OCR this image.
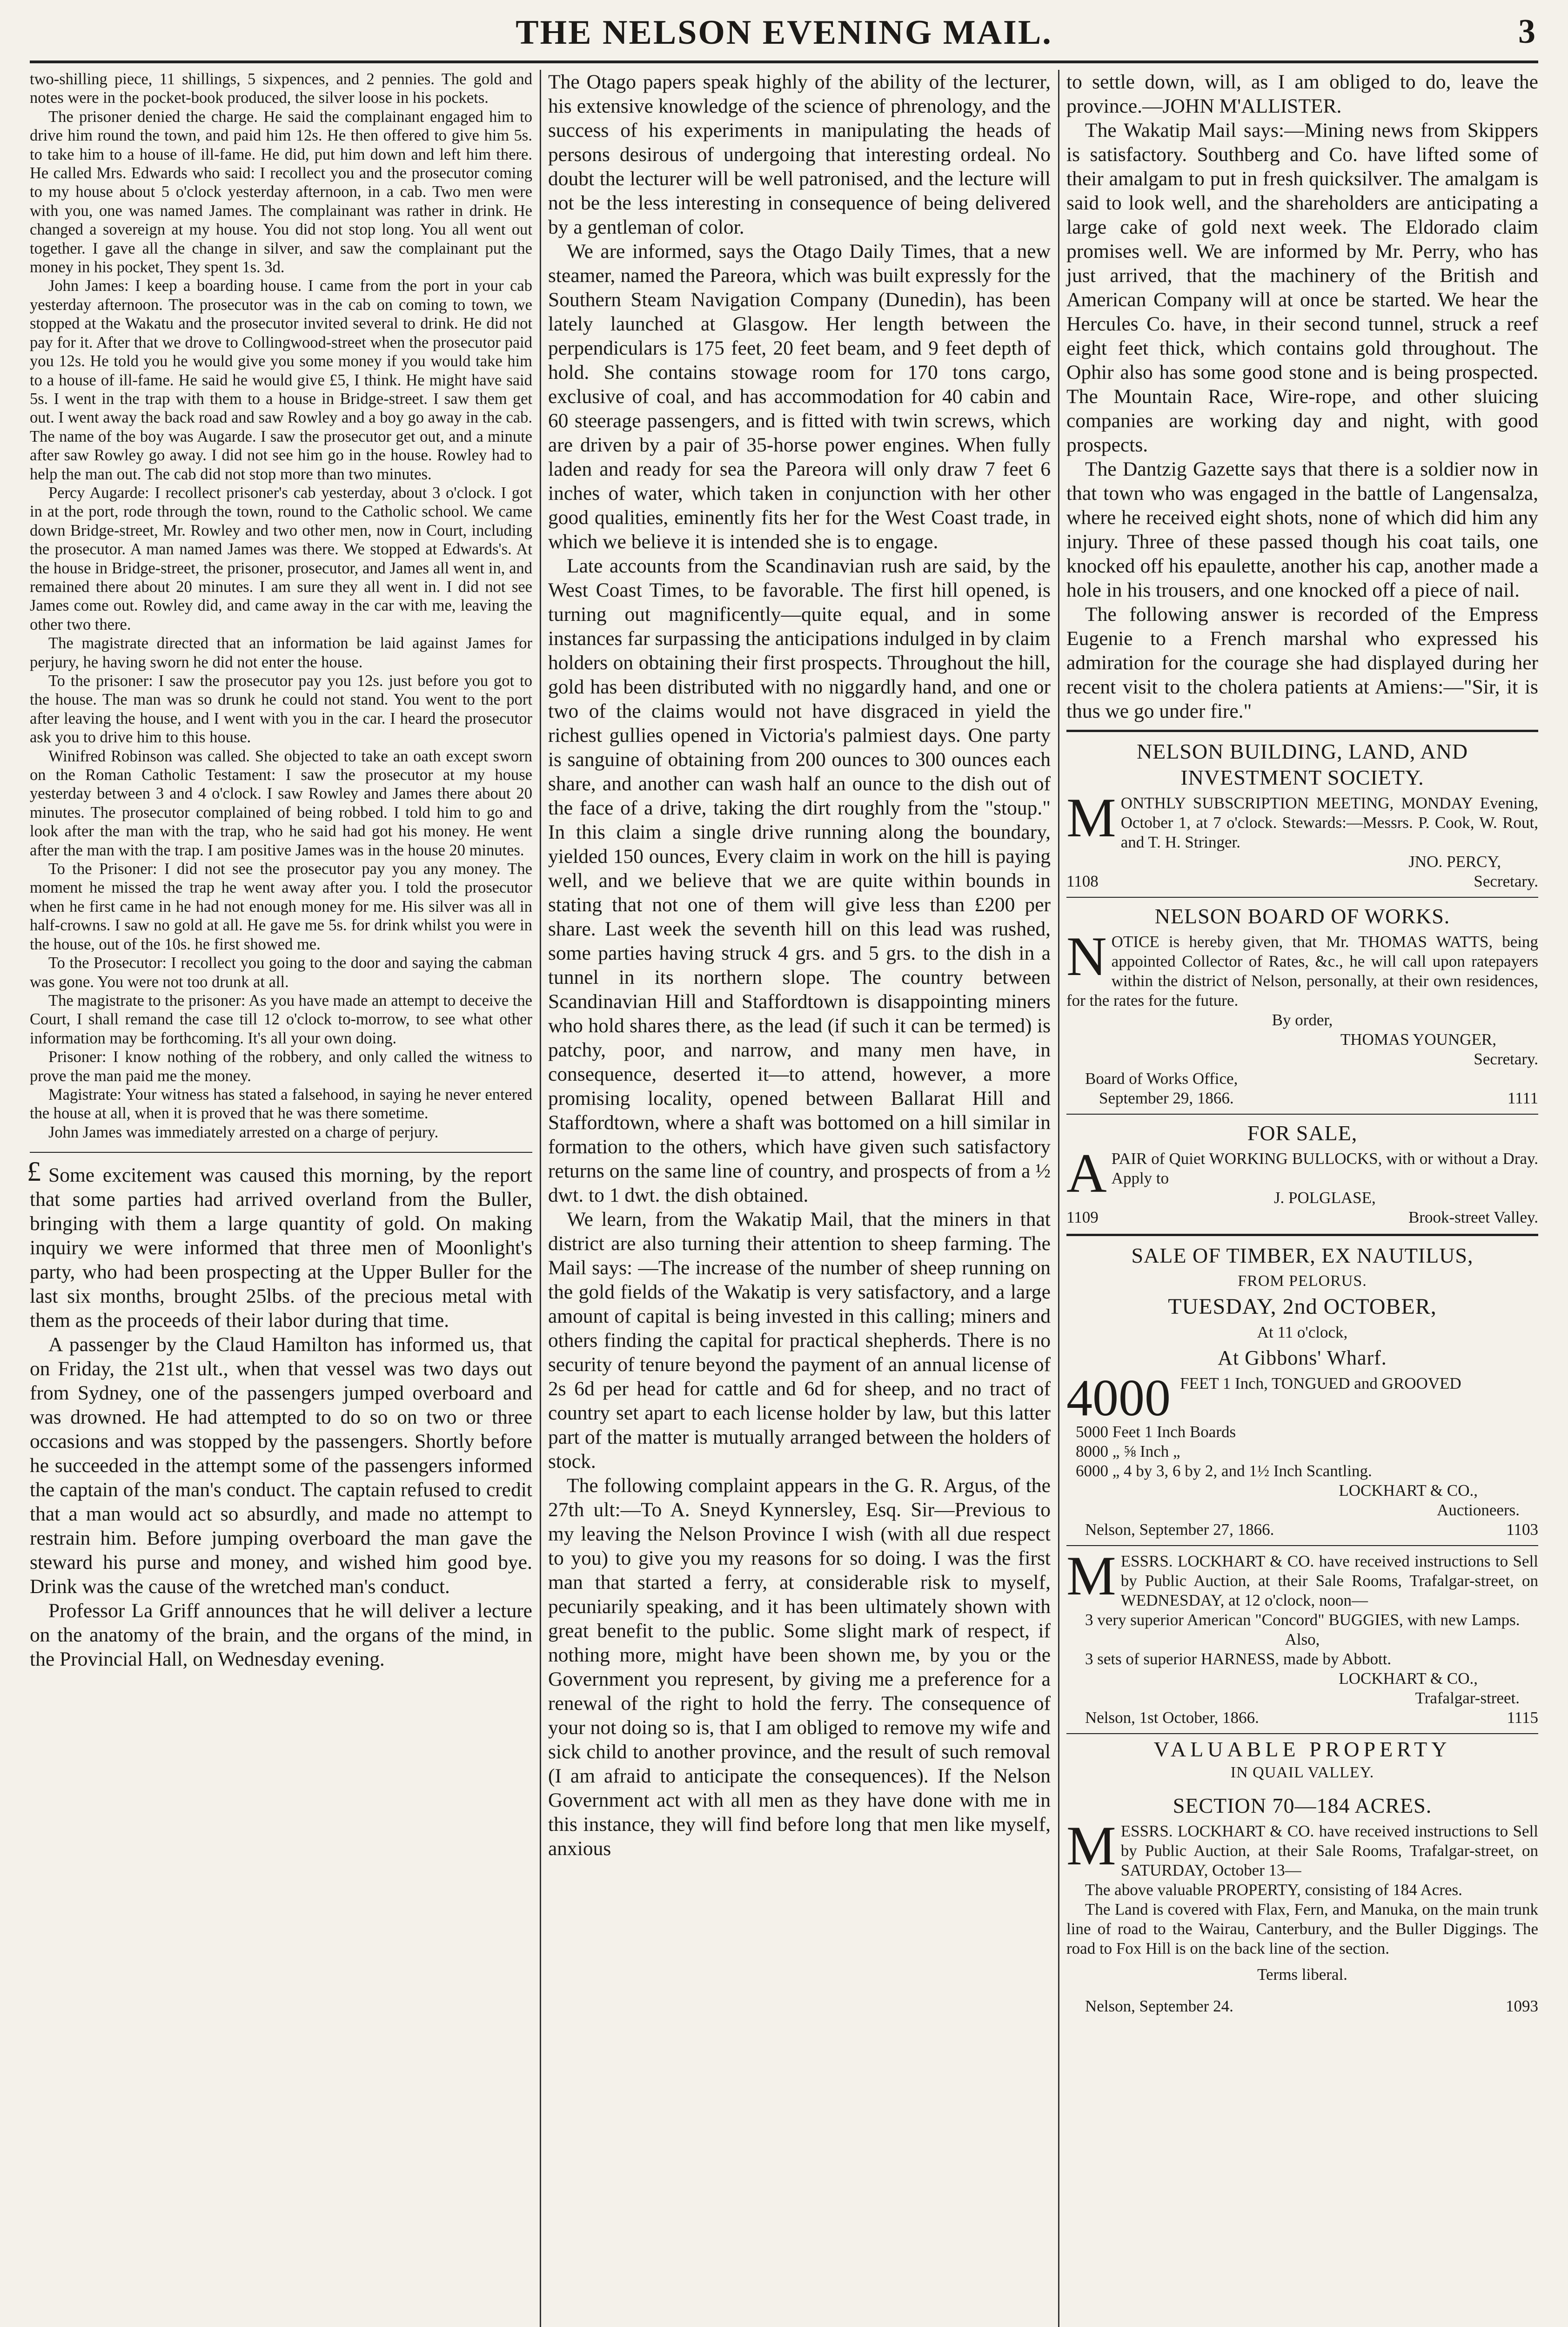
THE NELSON EVENING MAIL.	3

two-shilling piece, 11 shillings, 5 sixpences, and 2 pennies. The gold and notes were in the pocket-book produced, the silver loose in his pockets.

The prisoner denied the charge. He said the complainant engaged him to drive him round the town, and paid him 12s. He then offered to give him 5s. to take him to a house of ill-fame. He did, put him down and left him there. He called Mrs. Edwards who said: I recollect you and the prosecutor coming to my house about 5 o'clock yesterday afternoon, in a cab. Two men were with you, one was named James. The complainant was rather in drink. He changed a sovereign at my house. You did not stop long. You all went out together. I gave all the change in silver, and saw the complainant put the money in his pocket, They spent 1s. 3d.

John James: I keep a boarding house. I came from the port in your cab yesterday afternoon. The prosecutor was in the cab on coming to town, we stopped at the Wakatu and the prosecutor invited several to drink. He did not pay for it. After that we drove to Collingwood-street when the prosecutor paid you 12s. He told you he would give you some money if you would take him to a house of ill-fame. He said he would give £5, I think. He might have said 5s. I went in the trap with them to a house in Bridge-street. I saw them get out. I went away the back road and saw Rowley and a boy go away in the cab. The name of the boy was Augarde. I saw the prosecutor get out, and a minute after saw Rowley go away. I did not see him go in the house. Rowley had to help the man out. The cab did not stop more than two minutes.

Percy Augarde: I recollect prisoner's cab yesterday, about 3 o'clock. I got in at the port, rode through the town, round to the Catholic school. We came down Bridge-street, Mr. Rowley and two other men, now in Court, including the prosecutor. A man named James was there. We stopped at Edwards's. At the house in Bridge-street, the prisoner, prosecutor, and James all went in, and remained there about 20 minutes. I am sure they all went in. I did not see James come out. Rowley did, and came away in the car with me, leaving the other two there.

The magistrate directed that an information be laid against James for perjury, he having sworn he did not enter the house.

To the prisoner: I saw the prosecutor pay you 12s. just before you got to the house. The man was so drunk he could not stand. You went to the port after leaving the house, and I went with you in the car. I heard the prosecutor ask you to drive him to this house.

Winifred Robinson was called. She objected to take an oath except sworn on the Roman Catholic Testament: I saw the prosecutor at my house yesterday between 3 and 4 o'clock. I saw Rowley and James there about 20 minutes. The prosecutor complained of being robbed. I told him to go and look after the man with the trap, who he said had got his money. He went after the man with the trap. I am positive James was in the house 20 minutes.

To the Prisoner: I did not see the prosecutor pay you any money. The moment he missed the trap he went away after you. I told the prosecutor when he first came in he had not enough money for me. His silver was all in half-crowns. I saw no gold at all. He gave me 5s. for drink whilst you were in the house, out of the 10s. he first showed me.

To the Prosecutor: I recollect you going to the door and saying the cabman was gone. You were not too drunk at all.

The magistrate to the prisoner: As you have made an attempt to deceive the Court, I shall remand the case till 12 o'clock to-morrow, to see what other information may be forthcoming. It's all your own doing.

Prisoner: I know nothing of the robbery, and only called the witness to prove the man paid me the money.

Magistrate: Your witness has stated a falsehood, in saying he never entered the house at all, when it is proved that he was there sometime.

John James was immediately arrested on a charge of perjury.

£ Some excitement was caused this morning, by the report that some parties had arrived overland from the Buller, bringing with them a large quantity of gold. On making inquiry we were informed that three men of Moonlight's party, who had been prospecting at the Upper Buller for the last six months, brought 25lbs. of the precious metal with them as the proceeds of their labor during that time.

A passenger by the Claud Hamilton has informed us, that on Friday, the 21st ult., when that vessel was two days out from Sydney, one of the passengers jumped overboard and was drowned. He had attempted to do so on two or three occasions and was stopped by the passengers. Shortly before he succeeded in the attempt some of the passengers informed the captain of the man's conduct. The captain refused to credit that a man would act so absurdly, and made no attempt to restrain him. Before jumping overboard the man gave the steward his purse and money, and wished him good bye. Drink was the cause of the wretched man's conduct.

Professor La Griff announces that he will deliver a lecture on the anatomy of the brain, and the organs of the mind, in the Provincial Hall, on Wednesday evening.

The Otago papers speak highly of the ability of the lecturer, his extensive knowledge of the science of phrenology, and the success of his experiments in manipulating the heads of persons desirous of undergoing that interesting ordeal. No doubt the lecturer will be well patronised, and the lecture will not be the less interesting in consequence of being delivered by a gentleman of color.

We are informed, says the Otago Daily Times, that a new steamer, named the Pareora, which was built expressly for the Southern Steam Navigation Company (Dunedin), has been lately launched at Glasgow. Her length between the perpendiculars is 175 feet, 20 feet beam, and 9 feet depth of hold. She contains stowage room for 170 tons cargo, exclusive of coal, and has accommodation for 40 cabin and 60 steerage passengers, and is fitted with twin screws, which are driven by a pair of 35-horse power engines. When fully laden and ready for sea the Pareora will only draw 7 feet 6 inches of water, which taken in conjunction with her other good qualities, eminently fits her for the West Coast trade, in which we believe it is intended she is to engage.

Late accounts from the Scandinavian rush are said, by the West Coast Times, to be favorable. The first hill opened, is turning out magnificently—quite equal, and in some instances far surpassing the anticipations indulged in by claim holders on obtaining their first prospects. Throughout the hill, gold has been distributed with no niggardly hand, and one or two of the claims would not have disgraced in yield the richest gullies opened in Victoria's palmiest days. One party is sanguine of obtaining from 200 ounces to 300 ounces each share, and another can wash half an ounce to the dish out of the face of a drive, taking the dirt roughly from the "stoup." In this claim a single drive running along the boundary, yielded 150 ounces, Every claim in work on the hill is paying well, and we believe that we are quite within bounds in stating that not one of them will give less than £200 per share. Last week the seventh hill on this lead was rushed, some parties having struck 4 grs. and 5 grs. to the dish in a tunnel in its northern slope. The country between Scandinavian Hill and Staffordtown is disappointing miners who hold shares there, as the lead (if such it can be termed) is patchy, poor, and narrow, and many men have, in consequence, deserted it—to attend, however, a more promising locality, opened between Ballarat Hill and Staffordtown, where a shaft was bottomed on a hill similar in formation to the others, which have given such satisfactory returns on the same line of country, and prospects of from a ½ dwt. to 1 dwt. the dish obtained.

We learn, from the Wakatip Mail, that the miners in that district are also turning their attention to sheep farming. The Mail says: —The increase of the number of sheep running on the gold fields of the Wakatip is very satisfactory, and a large amount of capital is being invested in this calling; miners and others finding the capital for practical shepherds. There is no security of tenure beyond the payment of an annual license of 2s 6d per head for cattle and 6d for sheep, and no tract of country set apart to each license holder by law, but this latter part of the matter is mutually arranged between the holders of stock.

The following complaint appears in the G. R. Argus, of the 27th ult:—To A. Sneyd Kynnersley, Esq. Sir—Previous to my leaving the Nelson Province I wish (with all due respect to you) to give you my reasons for so doing. I was the first man that started a ferry, at considerable risk to myself, pecuniarily speaking, and it has been ultimately shown with great benefit to the public. Some slight mark of respect, if nothing more, might have been shown me, by you or the Government you represent, by giving me a preference for a renewal of the right to hold the ferry. The consequence of your not doing so is, that I am obliged to remove my wife and sick child to another province, and the result of such removal (I am afraid to anticipate the consequences). If the Nelson Government act with all men as they have done with me in this instance, they will find before long that men like myself, anxious

to settle down, will, as I am obliged to do, leave the province.—JOHN M'ALLISTER.

The Wakatip Mail says:—Mining news from Skippers is satisfactory. Southberg and Co. have lifted some of their amalgam to put in fresh quicksilver. The amalgam is said to look well, and the shareholders are anticipating a large cake of gold next week. The Eldorado claim promises well. We are informed by Mr. Perry, who has just arrived, that the machinery of the British and American Company will at once be started. We hear the Hercules Co. have, in their second tunnel, struck a reef eight feet thick, which contains gold throughout. The Ophir also has some good stone and is being prospected. The Mountain Race, Wire-rope, and other sluicing companies are working day and night, with good prospects.

The Dantzig Gazette says that there is a soldier now in that town who was engaged in the battle of Langensalza, where he received eight shots, none of which did him any injury. Three of these passed though his coat tails, one knocked off his epaulette, another his cap, another made a hole in his trousers, and one knocked off a piece of nail.

The following answer is recorded of the Empress Eugenie to a French marshal who expressed his admiration for the courage she had displayed during her recent visit to the cholera patients at Amiens:—"Sir, it is thus we go under fire."

NELSON BUILDING, LAND, AND INVESTMENT SOCIETY.
M ONTHLY SUBSCRIPTION MEETING, MONDAY Evening, October 1, at 7 o'clock. Stewards:—Messrs. P. Cook, W. Rout, and T. H. Stringer.
JNO. PERCY,
1108	Secretary.
NELSON BOARD OF WORKS.
N OTICE is hereby given, that Mr. THOMAS WATTS, being appointed Collector of Rates, &c., he will call upon ratepayers within the district of Nelson, personally, at their own residences, for the rates for the future.
By order,
THOMAS YOUNGER,
Secretary.
Board of Works Office,
September 29, 1866.	1111
FOR SALE,
A PAIR of Quiet WORKING BULLOCKS, with or without a Dray. Apply to
J. POLGLASE,
1109	Brook-street Valley.
SALE OF TIMBER, EX NAUTILUS,
FROM PELORUS.
TUESDAY, 2nd OCTOBER,
At 11 o'clock,
At Gibbons' Wharf.
4000 FEET 1 Inch, TONGUED and GROOVED
5000 Feet 1 Inch Boards
8000 „ ⅝ Inch „
6000 „ 4 by 3, 6 by 2, and 1½ Inch Scantling.
LOCKHART & CO.,
Auctioneers.
Nelson, September 27, 1866.	1103
M ESSRS. LOCKHART & CO. have received instructions to Sell by Public Auction, at their Sale Rooms, Trafalgar-street, on WEDNESDAY, at 12 o'clock, noon—
3 very superior American "Concord" BUGGIES, with new Lamps.
Also,
3 sets of superior HARNESS, made by Abbott.
LOCKHART & CO.,
Trafalgar-street.
Nelson, 1st October, 1866.	1115
VALUABLE PROPERTY
IN QUAIL VALLEY.
SECTION 70—184 ACRES.
M ESSRS. LOCKHART & CO. have received instructions to Sell by Public Auction, at their Sale Rooms, Trafalgar-street, on SATURDAY, October 13—
The above valuable PROPERTY, consisting of 184 Acres.
The Land is covered with Flax, Fern, and Manuka, on the main trunk line of road to the Wairau, Canterbury, and the Buller Diggings. The road to Fox Hill is on the back line of the section.
Terms liberal.
Nelson, September 24.	1093
